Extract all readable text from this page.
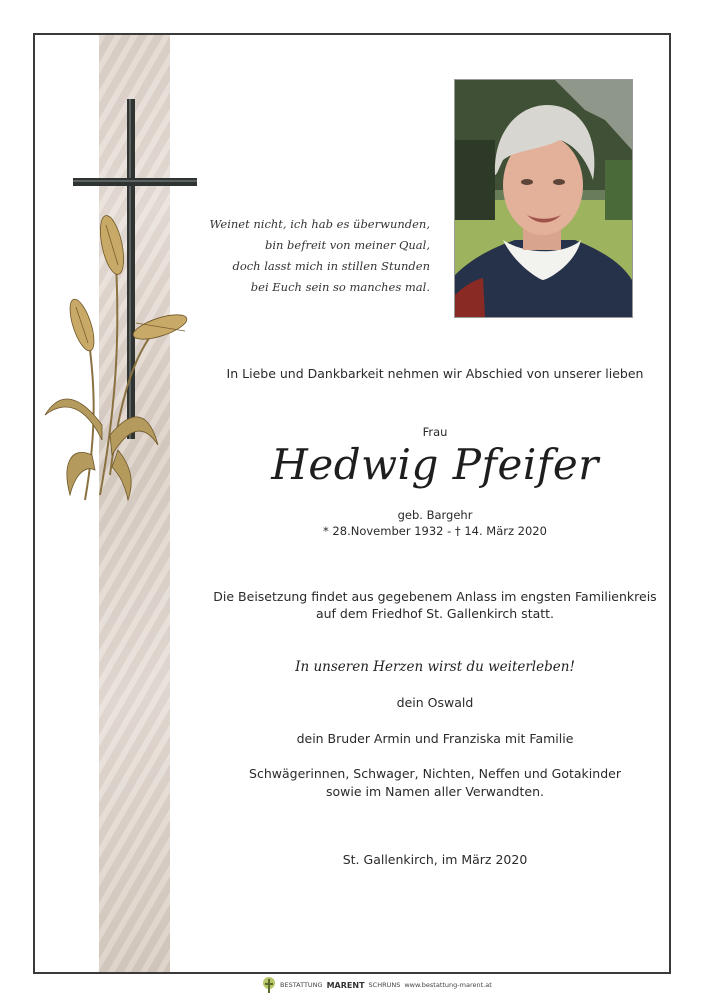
Weinet nicht, ich hab es überwunden,
bin befreit von meiner Qual,
doch lasst mich in stillen Stunden
bei Euch sein so manches mal.
In Liebe und Dankbarkeit nehmen wir Abschied von unserer lieben
Frau
Hedwig Pfeifer
geb. Bargehr
* 28.November 1932 - † 14. März 2020
Die Beisetzung findet aus gegebenem Anlass im engsten Familienkreis
auf dem Friedhof St. Gallenkirch statt.
In unseren Herzen wirst du weiterleben!
dein Oswald
dein Bruder Armin und Franziska mit Familie
Schwägerinnen, Schwager, Nichten, Neffen und Gotakinder
sowie im Namen aller Verwandten.
St. Gallenkirch, im März 2020
BESTATTUNG MARENT SCHRUNS www.bestattung-marent.at
